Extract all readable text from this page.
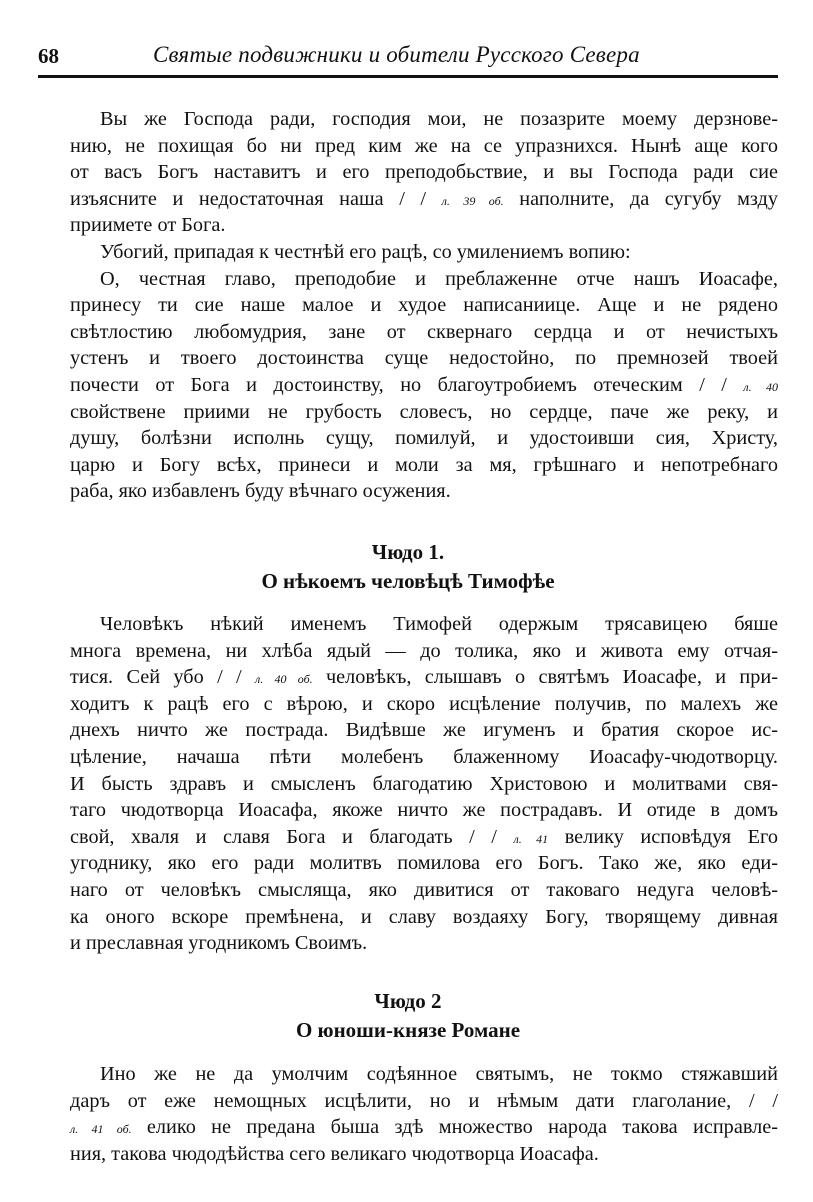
68	Святые подвижники и обители Русского Севера
Вы же Господа ради, господия мои, не позазрите моему дерзнове-
нию, не похищая бо ни пред ким же на се упразнихся. Нынѣ аще кого
от васъ Богъ наставитъ и его преподобьствие, и вы Господа ради сие
изъясните и недостаточная наша / / л. 39 об. наполните, да сугубу мзду
приимете от Бога.
Убогий, припадая к честнѣй его рацѣ, со умилениемъ вопию:
О, честная главо, преподобие и преблаженне отче нашъ Иоасафе,
принесу ти сие наше малое и худое написаниице. Аще и не рядено
свѣтлостию любомудрия, зане от сквернаго сердца и от нечистыхъ
устенъ и твоего достоинства суще недостойно, по премнозей твоей
почести от Бога и достоинству, но благоутробиемъ отеческим / / л. 40
свойствене приими не грубость словесъ, но сердце, паче же реку, и
душу, болѣзни исполнь сущу, помилуй, и удостоивши сия, Христу,
царю и Богу всѣх, принеси и моли за мя, грѣшнаго и непотребнаго
раба, яко избавленъ буду вѣчнаго осужения.
Чюдо 1.
О нѣкоемъ человѣцѣ Тимофѣе
Человѣкъ нѣкий именемъ Тимофей одержым трясавицею бяше
многа времена, ни хлѣба ядый — до толика, яко и живота ему отчая-
тися. Сей убо / / л. 40 об. человѣкъ, слышавъ о святѣмъ Иоасафе, и при-
ходитъ к рацѣ его с вѣрою, и скоро исцѣление получив, по малехъ же
днехъ ничто же пострада. Видѣвше же игуменъ и братия скорое ис-
цѣление, начаша пѣти молебенъ блаженному Иоасафу-чюдотворцу.
И бысть здравъ и смысленъ благодатию Христовою и молитвами свя-
таго чюдотворца Иоасафа, якоже ничто же пострадавъ. И отиде в домъ
свой, хваля и славя Бога и благодать / / л. 41 велику исповѣдуя Его
угоднику, яко его ради молитвъ помилова его Богъ. Тако же, яко еди-
наго от человѣкъ смысляща, яко дивитися от таковаго недуга человѣ-
ка оного вскоре премѣнена, и славу воздаяху Богу, творящему дивная
и преславная угодникомъ Своимъ.
Чюдо 2
О юноши-князе Романе
Ино же не да умолчим содѣянное святымъ, не токмо стяжавший
даръ от еже немощных исцѣлити, но и нѣмым дати глаголание, / /
л. 41 об. елико не предана быша здѣ множество народа такова исправле-
ния, такова чюдодѣйства сего великаго чюдотворца Иоасафа.
